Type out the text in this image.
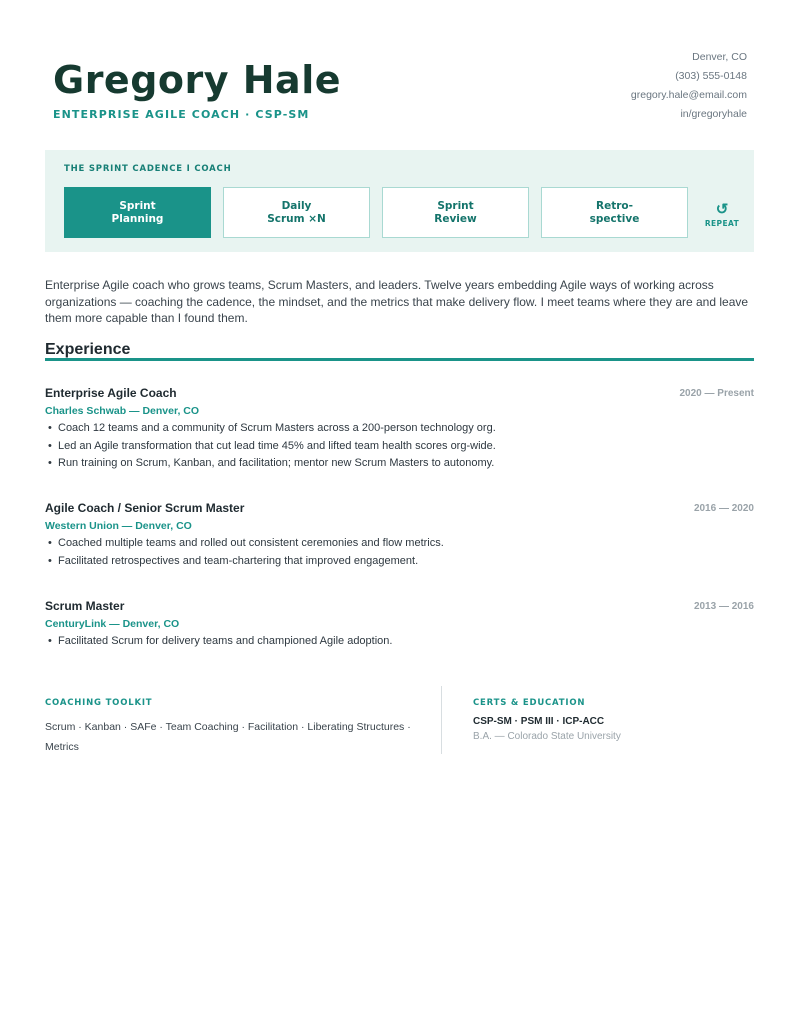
Gregory Hale
ENTERPRISE AGILE COACH · CSP-SM
Denver, CO
(303) 555-0148
gregory.hale@email.com
in/gregoryhale
THE SPRINT CADENCE I COACH
Sprint
Planning
Daily
Scrum ×N
Sprint
Review
Retro-
spective
↺
REPEAT
Enterprise Agile coach who grows teams, Scrum Masters, and leaders. Twelve years embedding Agile ways of working across organizations — coaching the cadence, the mindset, and the metrics that make delivery flow. I meet teams where they are and leave them more capable than I found them.
Experience
Enterprise Agile Coach	2020 — Present
Charles Schwab — Denver, CO
• Coach 12 teams and a community of Scrum Masters across a 200-person technology org.
• Led an Agile transformation that cut lead time 45% and lifted team health scores org-wide.
• Run training on Scrum, Kanban, and facilitation; mentor new Scrum Masters to autonomy.
Agile Coach / Senior Scrum Master	2016 — 2020
Western Union — Denver, CO
• Coached multiple teams and rolled out consistent ceremonies and flow metrics.
• Facilitated retrospectives and team-chartering that improved engagement.
Scrum Master	2013 — 2016
CenturyLink — Denver, CO
• Facilitated Scrum for delivery teams and championed Agile adoption.
COACHING TOOLKIT
Scrum · Kanban · SAFe · Team Coaching · Facilitation · Liberating Structures · Metrics
CERTS & EDUCATION
CSP-SM · PSM III · ICP-ACC
B.A. — Colorado State University
